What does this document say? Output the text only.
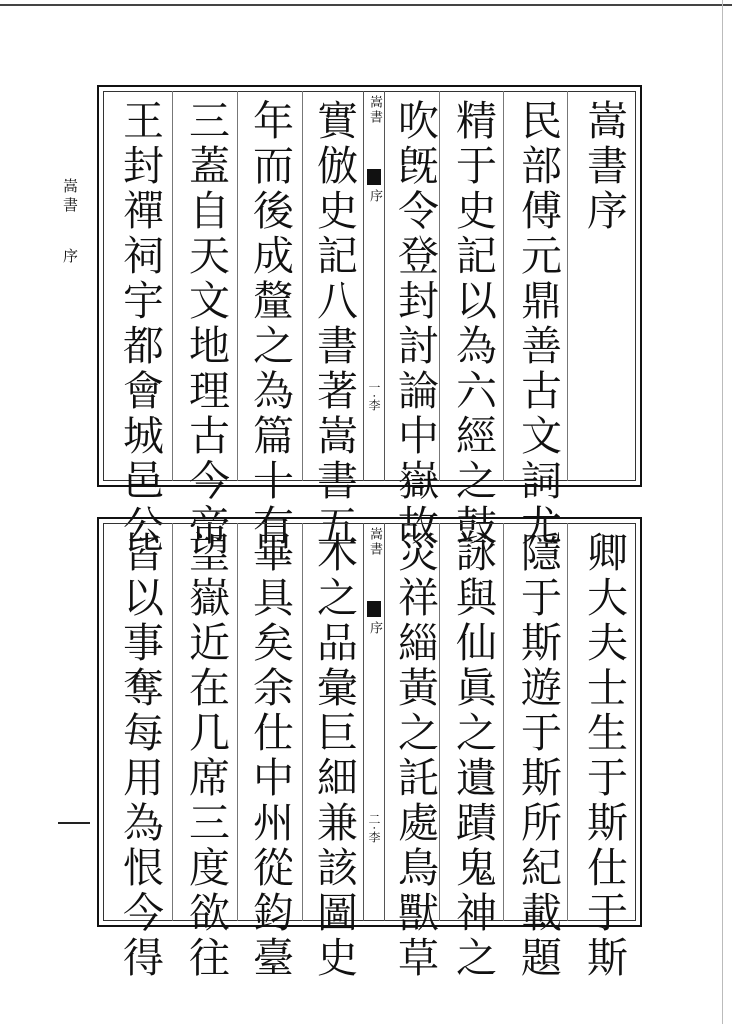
嵩書  序
嵩書序
民部傅元鼎善古文詞尤
精于史記以為六經之鼓
吹旣令登封討論中嶽故
嵩書
序
一·李
實倣史記八書著嵩書五
年而後成釐之為篇十有
三蓋自天文地理古今帝
王封禪祠宇都會城邑公
卿大夫士生于斯仕于斯
隱于斯遊于斯所紀載題
詠與仙眞之遺蹟鬼神之
災祥緇黃之託處鳥獸草
嵩書
序
二·李
木之品彙巨細兼該圖史
畢具矣余仕中州從鈞臺
望嶽近在几席三度欲往
皆以事奪每用為恨今得
